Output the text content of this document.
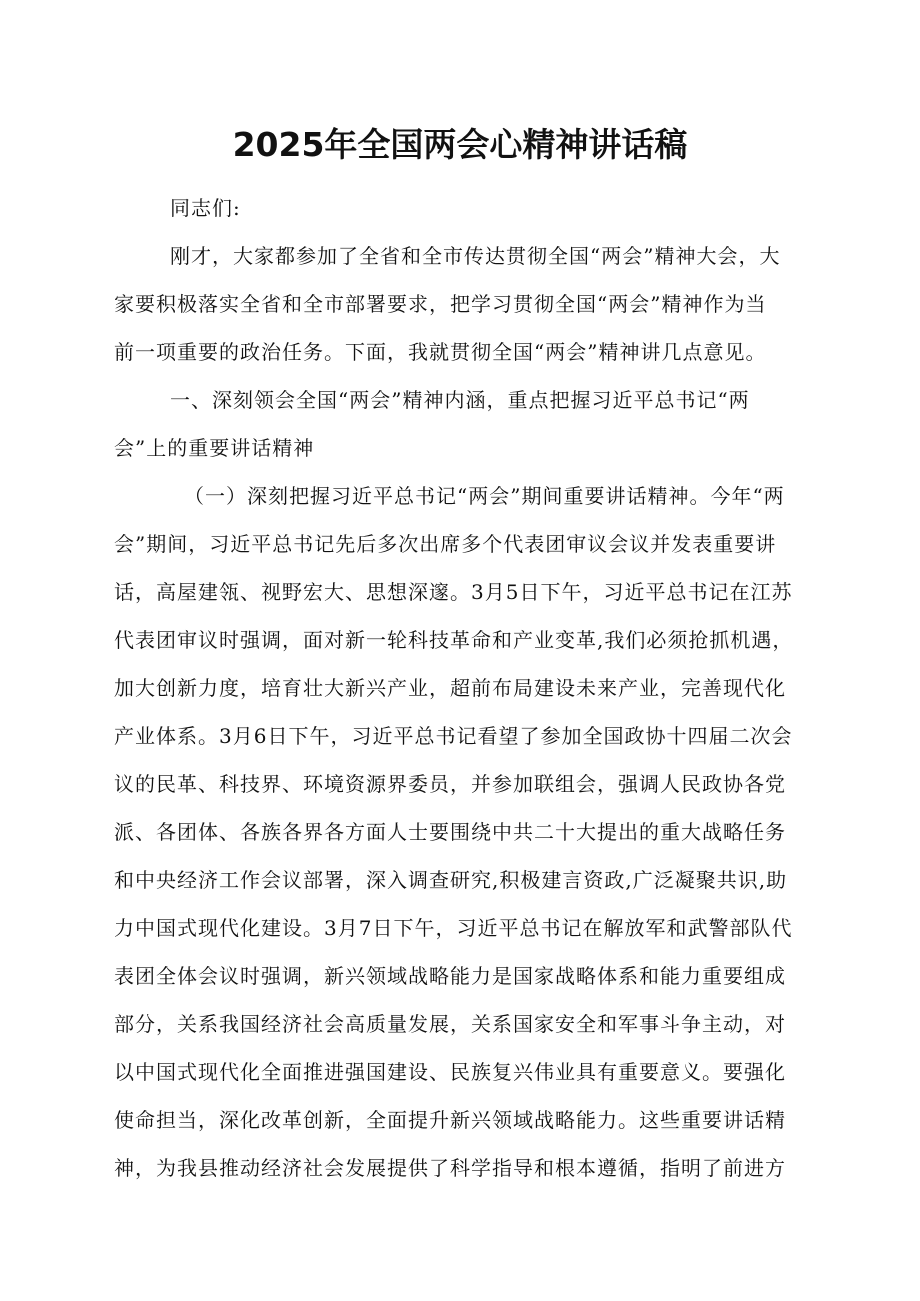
2025年全国两会心精神讲话稿

同志们:

刚才，大家都参加了全省和全市传达贯彻全国“两会”精神大会，大
家要积极落实全省和全市部署要求，把学习贯彻全国“两会”精神作为当
前一项重要的政治任务。下面，我就贯彻全国“两会”精神讲几点意见。

一、深刻领会全国“两会”精神内涵，重点把握习近平总书记“两
会”上的重要讲话精神

（一）深刻把握习近平总书记“两会”期间重要讲话精神。今年“两
会”期间，习近平总书记先后多次出席多个代表团审议会议并发表重要讲
话，高屋建瓴、视野宏大、思想深邃。3月5日下午，习近平总书记在江苏
代表团审议时强调，面对新一轮科技革命和产业变革,我们必须抢抓机遇，
加大创新力度，培育壮大新兴产业，超前布局建设未来产业，完善现代化
产业体系。3月6日下午，习近平总书记看望了参加全国政协十四届二次会
议的民革、科技界、环境资源界委员，并参加联组会，强调人民政协各党
派、各团体、各族各界各方面人士要围绕中共二十大提出的重大战略任务
和中央经济工作会议部署，深入调查研究,积极建言资政,广泛凝聚共识,助
力中国式现代化建设。3月7日下午，习近平总书记在解放军和武警部队代
表团全体会议时强调，新兴领域战略能力是国家战略体系和能力重要组成
部分，关系我国经济社会高质量发展，关系国家安全和军事斗争主动，对
以中国式现代化全面推进强国建设、民族复兴伟业具有重要意义。要强化
使命担当，深化改革创新，全面提升新兴领域战略能力。这些重要讲话精
神，为我县推动经济社会发展提供了科学指导和根本遵循，指明了前进方
